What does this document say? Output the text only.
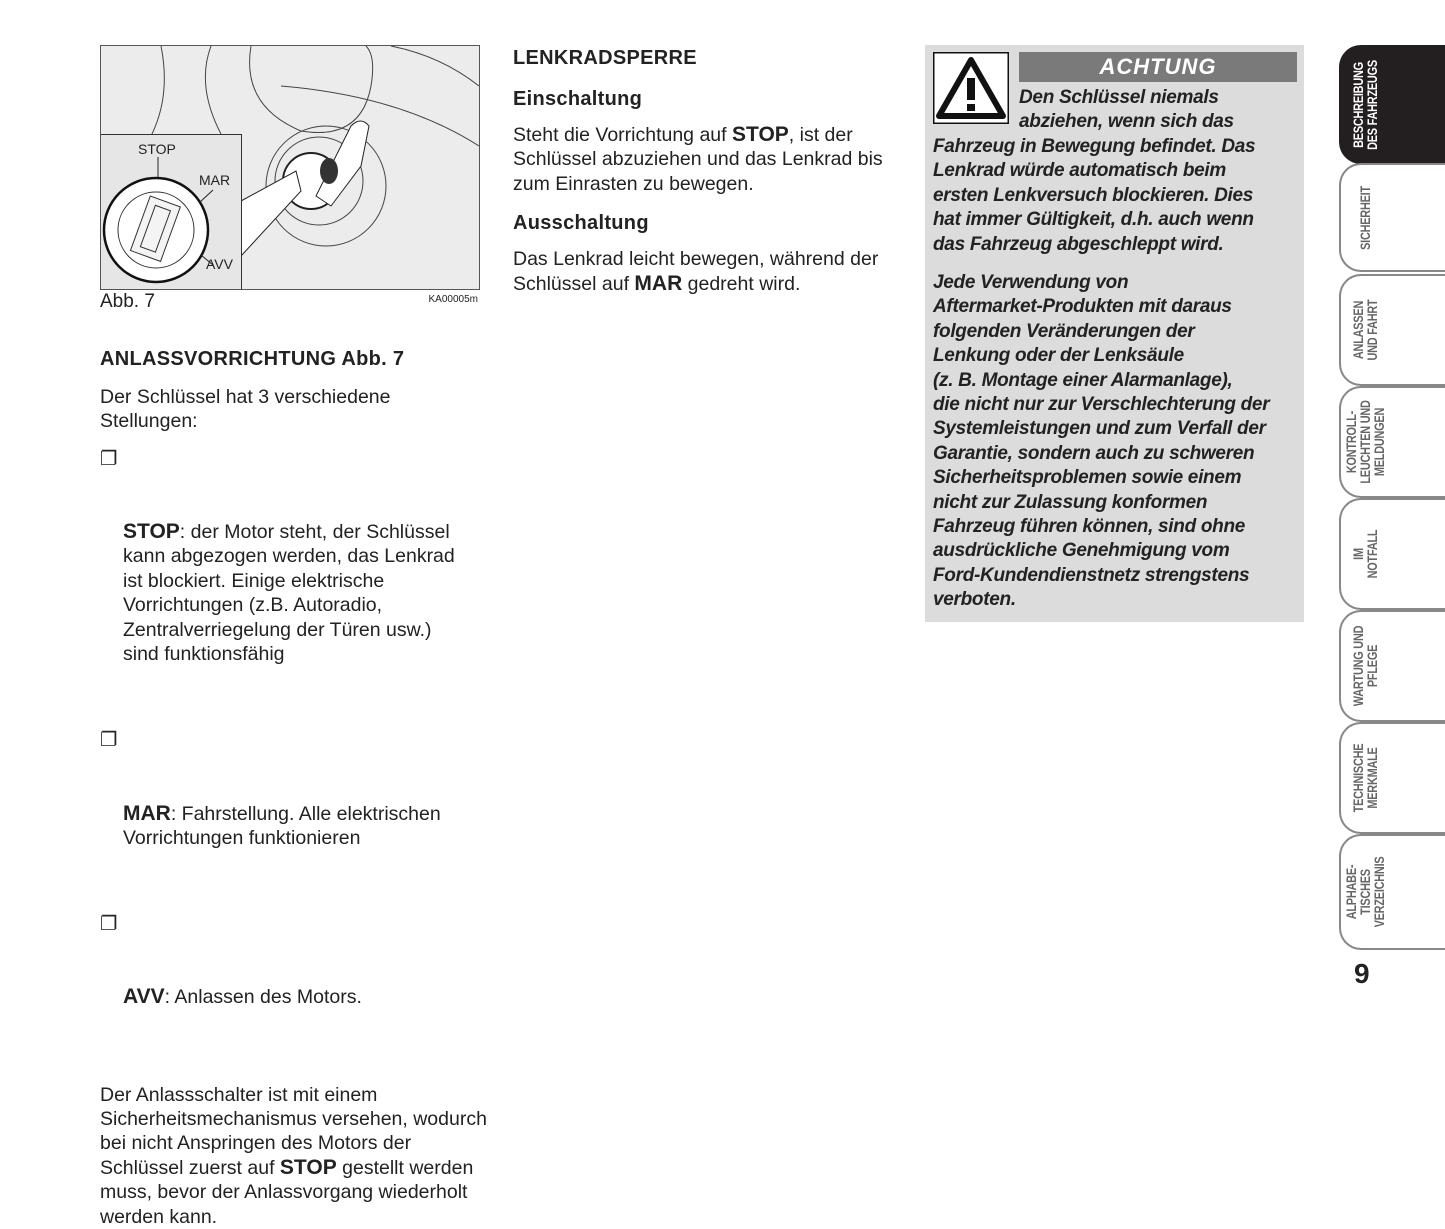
STOP
MAR
AVV
Abb. 7	KA00005m
ANLASSVORRICHTUNG Abb. 7
Der Schlüssel hat 3 verschiedene
Stellungen:

❐

STOP: der Motor steht, der Schlüssel
kann abgezogen werden, das Lenkrad
ist blockiert. Einige elektrische
Vorrichtungen (z.B. Autoradio,
Zentralverriegelung der Türen usw.)
sind funktionsfähig

❐

MAR: Fahrstellung. Alle elektrischen
Vorrichtungen funktionieren

❐

AVV: Anlassen des Motors.

Der Anlassschalter ist mit einem
Sicherheitsmechanismus versehen, wodurch
bei nicht Anspringen des Motors der
Schlüssel zuerst auf STOP gestellt werden
muss, bevor der Anlassvorgang wiederholt
werden kann.
LENKRADSPERRE
Einschaltung
Steht die Vorrichtung auf STOP, ist der
Schlüssel abzuziehen und das Lenkrad bis
zum Einrasten zu bewegen.
Ausschaltung
Das Lenkrad leicht bewegen, während der
Schlüssel auf MAR gedreht wird.
ACHTUNG
Den Schlüssel niemals
abziehen, wenn sich das
Fahrzeug in Bewegung befindet. Das
Lenkrad würde automatisch beim
ersten Lenkversuch blockieren. Dies
hat immer Gültigkeit, d.h. auch wenn
das Fahrzeug abgeschleppt wird.
Jede Verwendung von
Aftermarket-Produkten mit daraus
folgenden Veränderungen der
Lenkung oder der Lenksäule
(z. B. Montage einer Alarmanlage),
die nicht nur zur Verschlechterung der
Systemleistungen und zum Verfall der
Garantie, sondern auch zu schweren
Sicherheitsproblemen sowie einem
nicht zur Zulassung konformen
Fahrzeug führen können, sind ohne
ausdrückliche Genehmigung vom
Ford-Kundendienstnetz strengstens
verboten.
BESCHREIBUNG
DES FAHRZEUGS
SICHERHEIT
ANLASSEN
UND FAHRT
KONTROLL-
LEUCHTEN UND
MELDUNGEN
IM
NOTFALL
WARTUNG UND
PFLEGE
TECHNISCHE
MERKMALE
ALPHABE-
TISCHES
VERZEICHNIS
9
